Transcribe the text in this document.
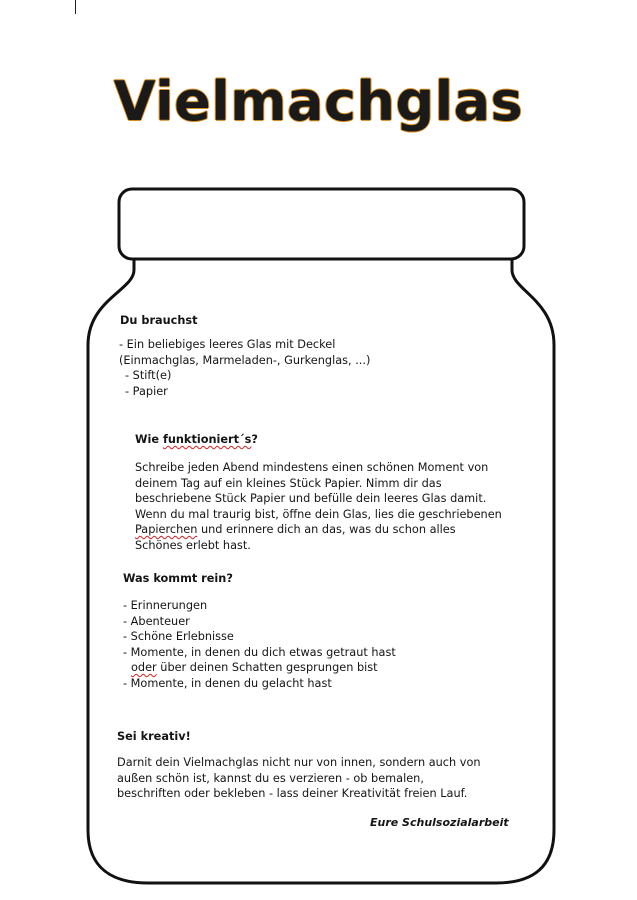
Vielmachglas
Du brauchst
- Ein beliebiges leeres Glas mit Deckel
(Einmachglas, Marmeladen-, Gurkenglas, ...)
- Stift(e)
- Papier
Wie funktioniert´s?
Schreibe jeden Abend mindestens einen schönen Moment von
deinem Tag auf ein kleines Stück Papier. Nimm dir das
beschriebene Stück Papier und befülle dein leeres Glas damit.
Wenn du mal traurig bist, öffne dein Glas, lies die geschriebenen
Papierchen und erinnere dich an das, was du schon alles
Schönes erlebt hast.
Was kommt rein?
- Erinnerungen
- Abenteuer
- Schöne Erlebnisse
- Momente, in denen du dich etwas getraut hast
oder über deinen Schatten gesprungen bist
- Momente, in denen du gelacht hast
Sei kreativ!
Darnit dein Vielmachglas nicht nur von innen, sondern auch von
außen schön ist, kannst du es verzieren - ob bemalen,
beschriften oder bekleben - lass deiner Kreativität freien Lauf.
Eure Schulsozialarbeit
